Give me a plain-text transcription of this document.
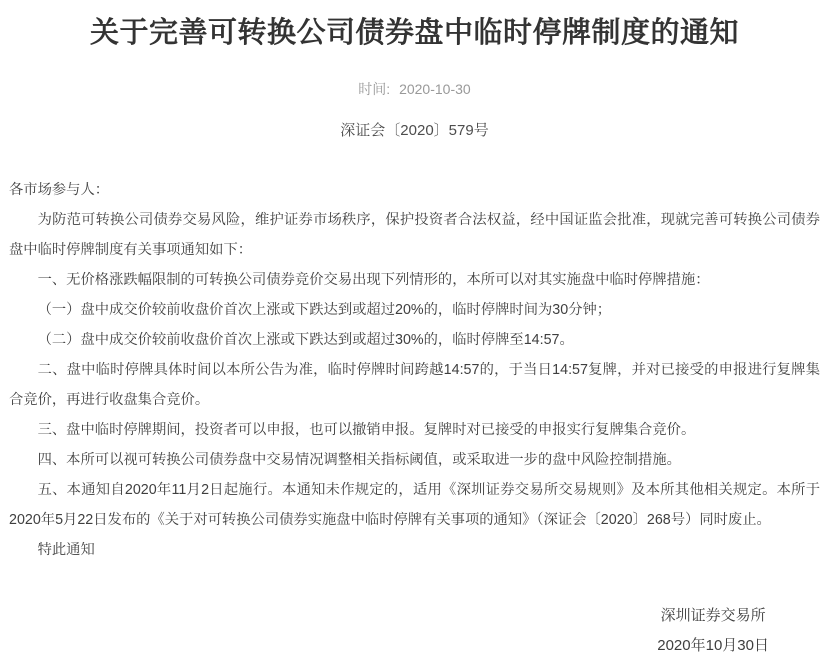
关于完善可转换公司债券盘中临时停牌制度的通知
时间: 2020-10-30
深证会〔2020〕579号

各市场参与人：

为防范可转换公司债券交易风险，维护证券市场秩序，保护投资者合法权益，经中国证监会批准，现就完善可转换公司债券盘中临时停牌制度有关事项通知如下：

一、无价格涨跌幅限制的可转换公司债券竞价交易出现下列情形的，本所可以对其实施盘中临时停牌措施：

（一）盘中成交价较前收盘价首次上涨或下跌达到或超过20%的，临时停牌时间为30分钟；

（二）盘中成交价较前收盘价首次上涨或下跌达到或超过30%的，临时停牌至14:57。

二、盘中临时停牌具体时间以本所公告为准，临时停牌时间跨越14:57的，于当日14:57复牌，并对已接受的申报进行复牌集合竞价，再进行收盘集合竞价。

三、盘中临时停牌期间，投资者可以申报，也可以撤销申报。复牌时对已接受的申报实行复牌集合竞价。

四、本所可以视可转换公司债券盘中交易情况调整相关指标阈值，或采取进一步的盘中风险控制措施。

五、本通知自2020年11月2日起施行。本通知未作规定的，适用《深圳证券交易所交易规则》及本所其他相关规定。本所于2020年5月22日发布的《关于对可转换公司债券实施盘中临时停牌有关事项的通知》（深证会〔2020〕268号）同时废止。

特此通知

深圳证券交易所
2020年10月30日
